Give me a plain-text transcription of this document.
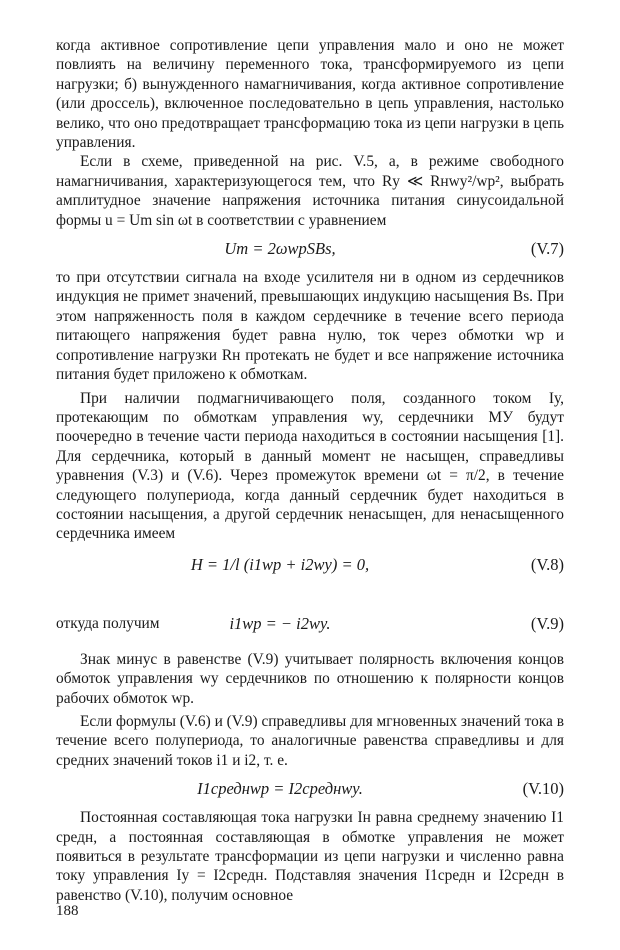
когда активное сопротивление цепи управления мало и оно не может повлиять на величину переменного тока, трансформируемого из цепи нагрузки; б) вынужденного намагничивания, когда активное сопротивление (или дроссель), включенное последовательно в цепь управления, настолько велико, что оно предотвращает трансформацию тока из цепи нагрузки в цепь управления.

Если в схеме, приведенной на рис. V.5, а, в режиме свободного намагничивания, характеризующегося тем, что Rу ≪ Rнwу²/wр², выбрать амплитудное значение напряжения источника питания синусоидальной формы u = Um sin ωt в соответствии с уравнением

Um = 2ωwpSBs,	(V.7)

то при отсутствии сигнала на входе усилителя ни в одном из сердечников индукция не примет значений, превышающих индукцию насыщения Bs. При этом напряженность поля в каждом сердечнике в течение всего периода питающего напряжения будет равна нулю, ток через обмотки wр и сопротивление нагрузки Rн протекать не будет и все напряжение источника питания будет приложено к обмоткам.

При наличии подмагничивающего поля, созданного током Iу, протекающим по обмоткам управления wу, сердечники МУ будут поочередно в течение части периода находиться в состоянии насыщения [1]. Для сердечника, который в данный момент не насыщен, справедливы уравнения (V.3) и (V.6). Через промежуток времени ωt = π/2, в течение следующего полупериода, когда данный сердечник будет находиться в состоянии насыщения, а другой сердечник ненасыщен, для ненасыщенного сердечника имеем

H = 1/l (i1wp + i2wy) = 0,	(V.8)
откуда получим	i1wp = − i2wy.	(V.9)

Знак минус в равенстве (V.9) учитывает полярность включения концов обмоток управления wу сердечников по отношению к полярности концов рабочих обмоток wр.

Если формулы (V.6) и (V.9) справедливы для мгновенных значений тока в течение всего полупериода, то аналогичные равенства справедливы и для средних значений токов i1 и i2, т. е.

I1среднwp = I2среднwy.	(V.10)

Постоянная составляющая тока нагрузки Iн равна среднему значению I1 средн, а постоянная составляющая в обмотке управления не может появиться в результате трансформации из цепи нагрузки и численно равна току управления Iу = I2средн. Подставляя значения I1средн и I2средн в равенство (V.10), получим основное

188
